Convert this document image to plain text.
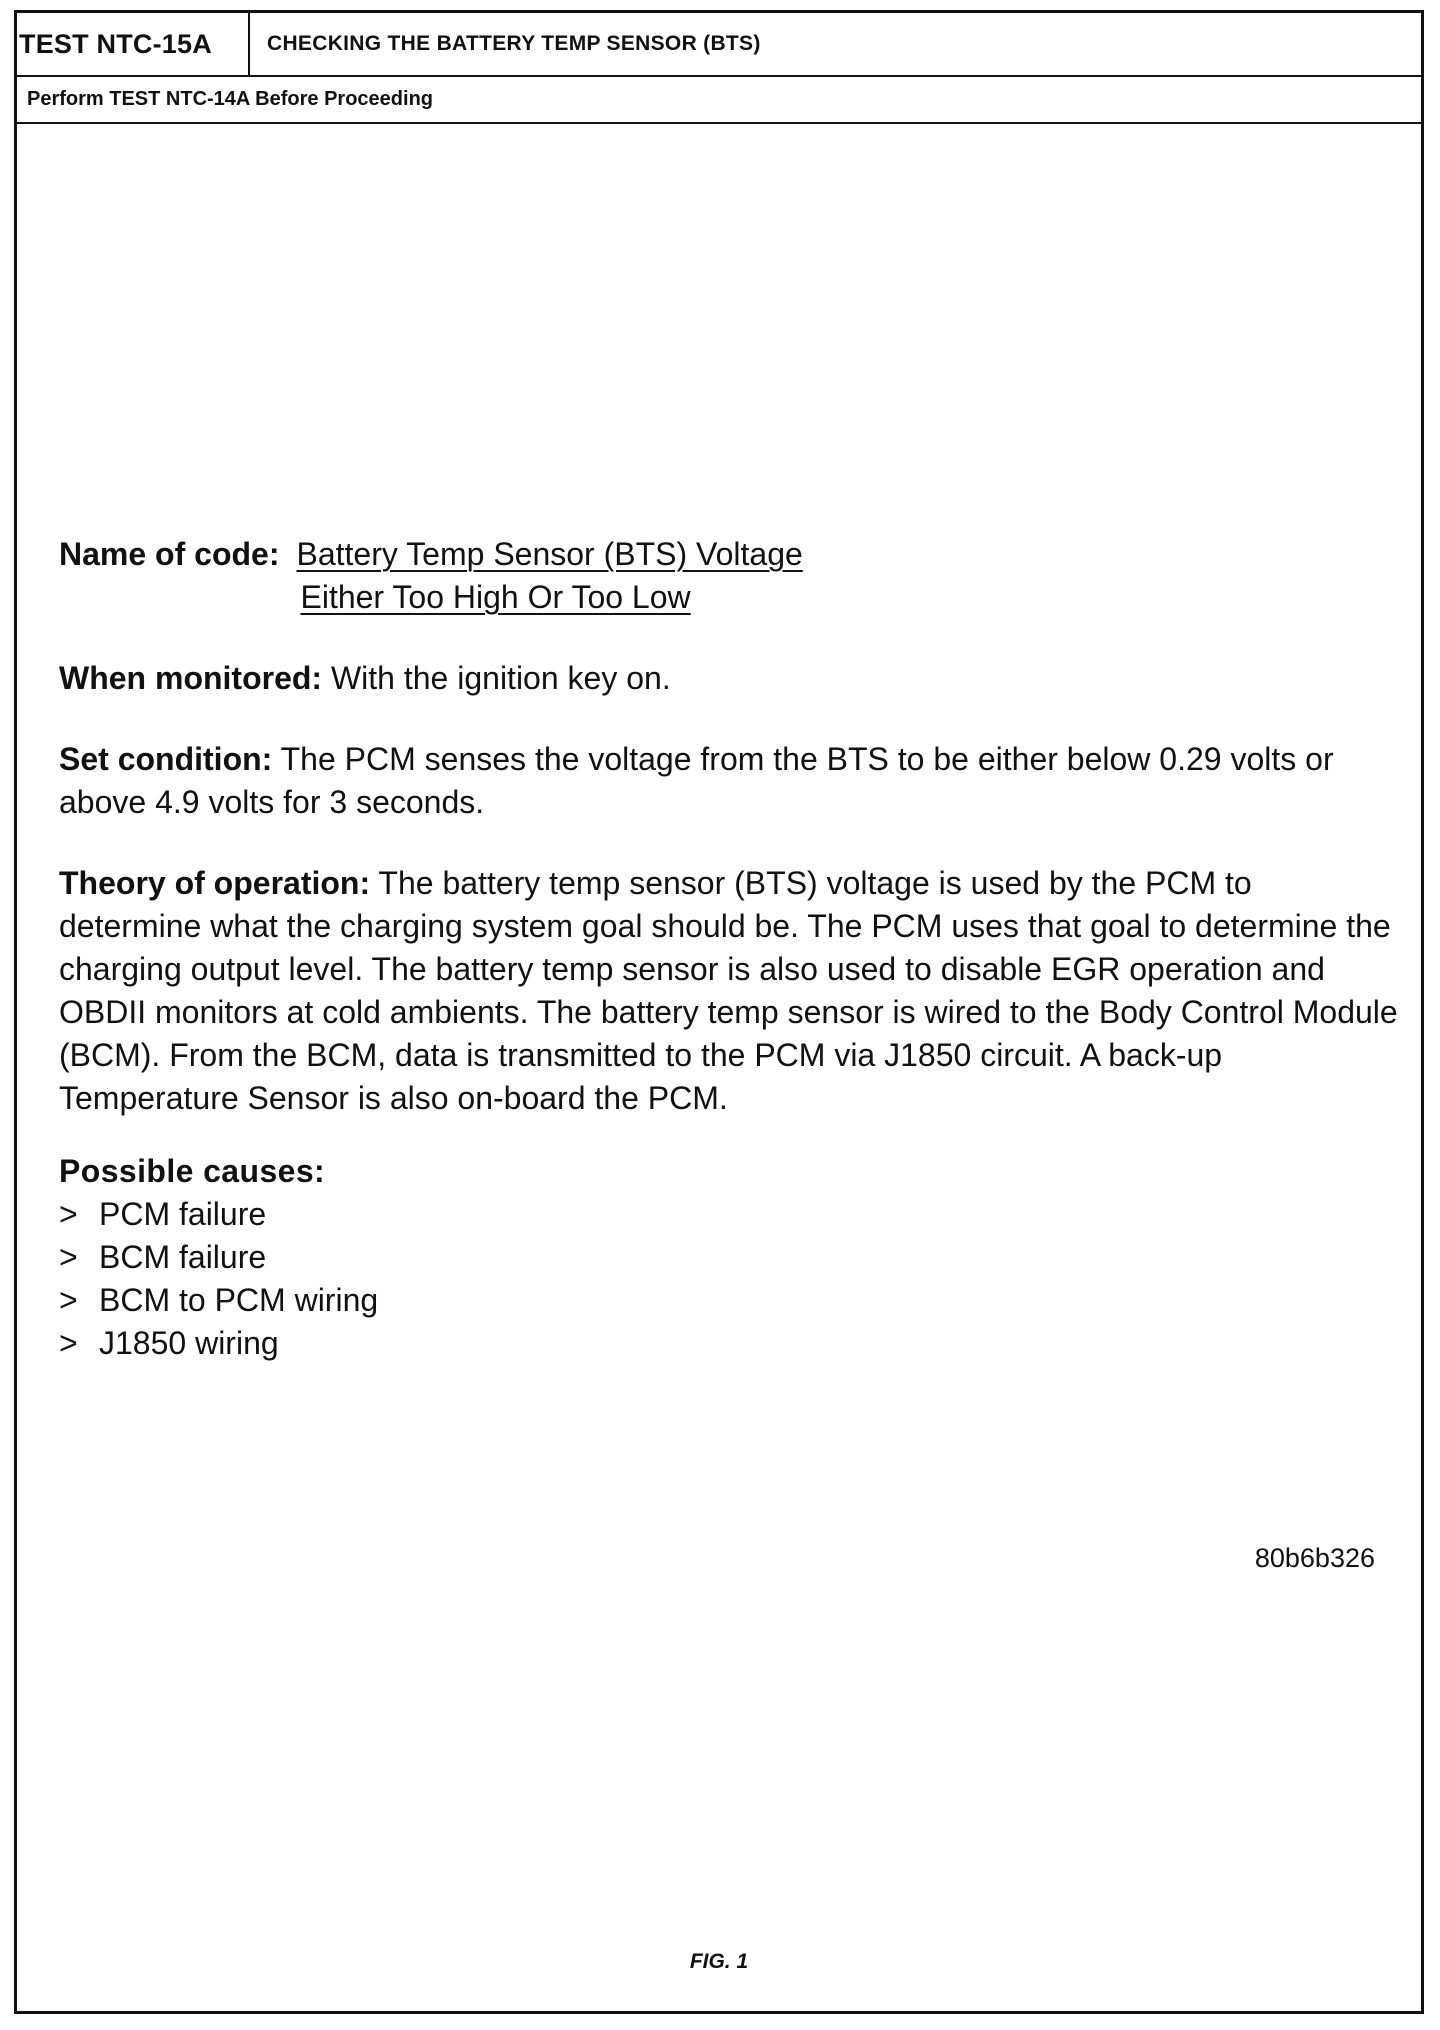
TEST NTC-15A	CHECKING THE BATTERY TEMP SENSOR (BTS)
Perform TEST NTC-14A Before Proceeding
Name of code: Battery Temp Sensor (BTS) Voltage
Either Too High Or Too Low
When monitored: With the ignition key on.
Set condition: The PCM senses the voltage from the BTS to be either below 0.29 volts or above 4.9 volts for 3 seconds.
Theory of operation: The battery temp sensor (BTS) voltage is used by the PCM to determine what the charging system goal should be. The PCM uses that goal to determine the charging output level. The battery temp sensor is also used to disable EGR operation and OBDII monitors at cold ambients. The battery temp sensor is wired to the Body Control Module (BCM). From the BCM, data is transmitted to the PCM via J1850 circuit. A back-up Temperature Sensor is also on-board the PCM.
Possible causes:
> PCM failure
> BCM failure
> BCM to PCM wiring
> J1850 wiring
80b6b326
FIG. 1
